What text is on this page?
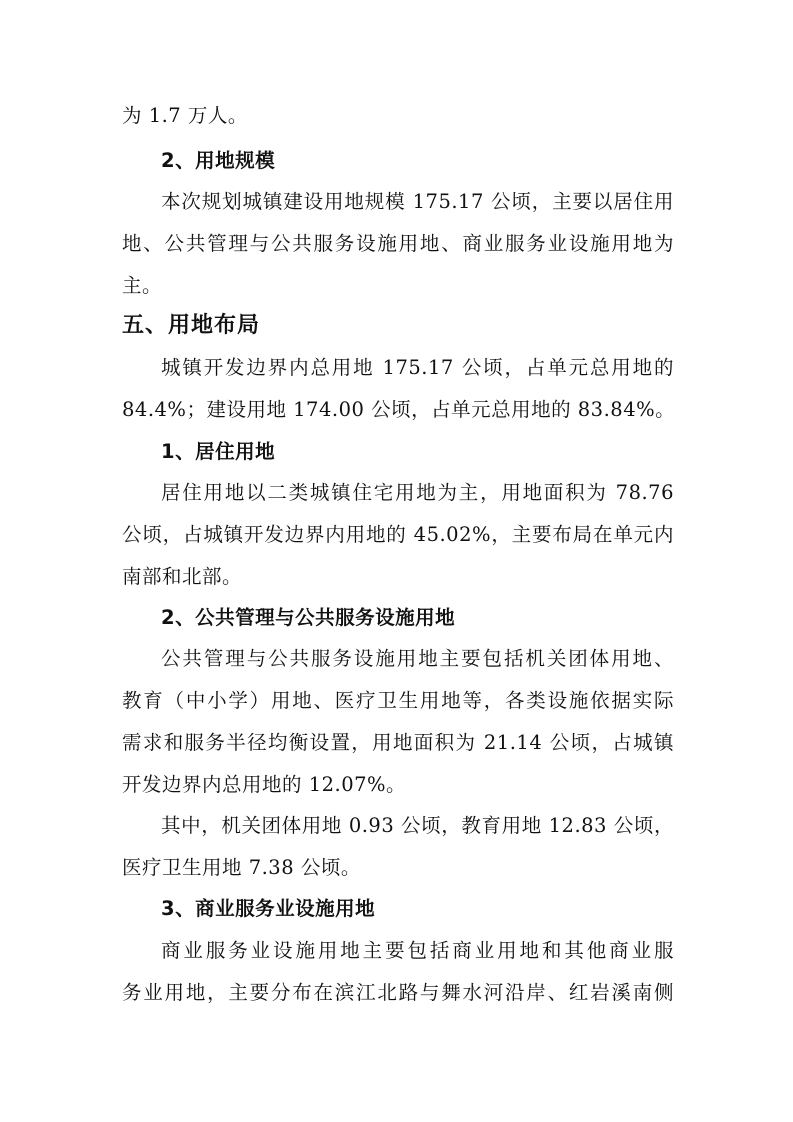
为 1.7 万人。
2、用地规模
本次规划城镇建设用地规模 175.17 公顷，主要以居住用
地、公共管理与公共服务设施用地、商业服务业设施用地为
主。
五、用地布局
城镇开发边界内总用地 175.17 公顷，占单元总用地的
84.4%；建设用地 174.00 公顷，占单元总用地的 83.84%。
1、居住用地
居住用地以二类城镇住宅用地为主，用地面积为 78.76
公顷，占城镇开发边界内用地的 45.02%，主要布局在单元内
南部和北部。
2、公共管理与公共服务设施用地
公共管理与公共服务设施用地主要包括机关团体用地、
教育（中小学）用地、医疗卫生用地等，各类设施依据实际
需求和服务半径均衡设置，用地面积为 21.14 公顷，占城镇
开发边界内总用地的 12.07%。
其中，机关团体用地 0.93 公顷，教育用地 12.83 公顷，
医疗卫生用地 7.38 公顷。
3、商业服务业设施用地
商业服务业设施用地主要包括商业用地和其他商业服
务业用地，主要分布在滨江北路与舞水河沿岸、红岩溪南侧
